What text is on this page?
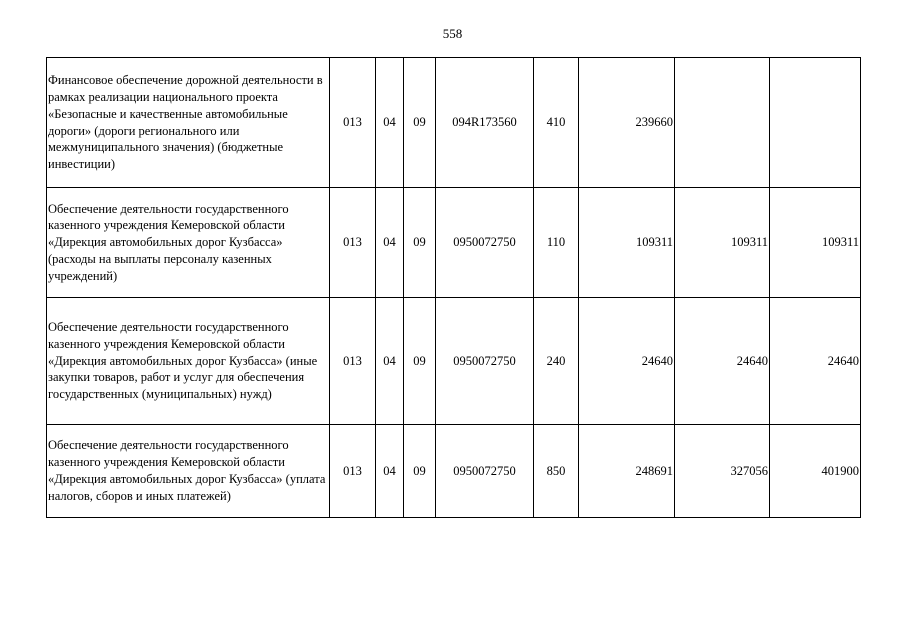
558
Финансовое обеспечение дорожной деятельности в рамках реализации национального проекта «Безопасные и качественные автомобильные дороги» (дороги регионального или межмуниципального значения) (бюджетные инвестиции)	013	04	09	094R173560	410	239660		
Обеспечение деятельности государственного казенного учреждения Кемеровской области «Дирекция автомобильных дорог Кузбасса» (расходы на выплаты персоналу казенных учреждений)	013	04	09	0950072750	110	109311	109311	109311
Обеспечение деятельности государственного казенного учреждения Кемеровской области «Дирекция автомобильных дорог Кузбасса» (иные закупки товаров, работ и услуг для обеспечения государственных (муниципальных) нужд)	013	04	09	0950072750	240	24640	24640	24640
Обеспечение деятельности государственного казенного учреждения Кемеровской области «Дирекция автомобильных дорог Кузбасса» (уплата налогов, сборов и иных платежей)	013	04	09	0950072750	850	248691	327056	401900
